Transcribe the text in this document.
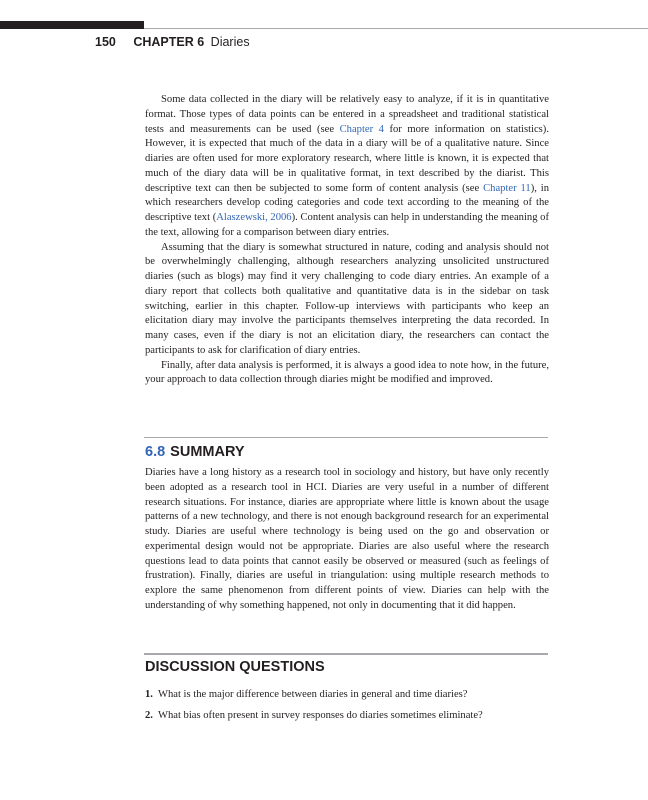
150 CHAPTER 6 Diaries

Some data collected in the diary will be relatively easy to analyze, if it is in quantitative format. Those types of data points can be entered in a spreadsheet and traditional statistical tests and measurements can be used (see Chapter 4 for more information on statistics). However, it is expected that much of the data in a diary will be of a qualitative nature. Since diaries are often used for more exploratory research, where little is known, it is expected that much of the diary data will be in qualitative format, in text described by the diarist. This descriptive text can then be subjected to some form of content analysis (see Chapter 11), in which researchers develop coding categories and code text according to the meaning of the descriptive text (Alaszewski, 2006). Content analysis can help in understanding the meaning of the text, allowing for a comparison between diary entries.

Assuming that the diary is somewhat structured in nature, coding and analysis should not be overwhelmingly challenging, although researchers analyzing unsolicited unstructured diaries (such as blogs) may find it very challenging to code diary entries. An example of a diary report that collects both qualitative and quantitative data is in the sidebar on task switching, earlier in this chapter. Follow-up interviews with participants who keep an elicitation diary may involve the participants themselves interpreting the data recorded. In many cases, even if the diary is not an elicitation diary, the researchers can contact the participants to ask for clarification of diary entries.

Finally, after data analysis is performed, it is always a good idea to note how, in the future, your approach to data collection through diaries might be modified and improved.

6.8 SUMMARY

Diaries have a long history as a research tool in sociology and history, but have only recently been adopted as a research tool in HCI. Diaries are very useful in a number of different research situations. For instance, diaries are appropriate where little is known about the usage patterns of a new technology, and there is not enough background research for an experimental study. Diaries are useful where technology is being used on the go and observation or experimental design would not be appropriate. Diaries are also useful where the research questions lead to data points that cannot easily be observed or measured (such as feelings of frustration). Finally, diaries are useful in triangulation: using multiple research methods to explore the same phenomenon from different points of view. Diaries can help with the understanding of why something happened, not only in documenting that it did happen.

DISCUSSION QUESTIONS
1. What is the major difference between diaries in general and time diaries?
2. What bias often present in survey responses do diaries sometimes eliminate?
